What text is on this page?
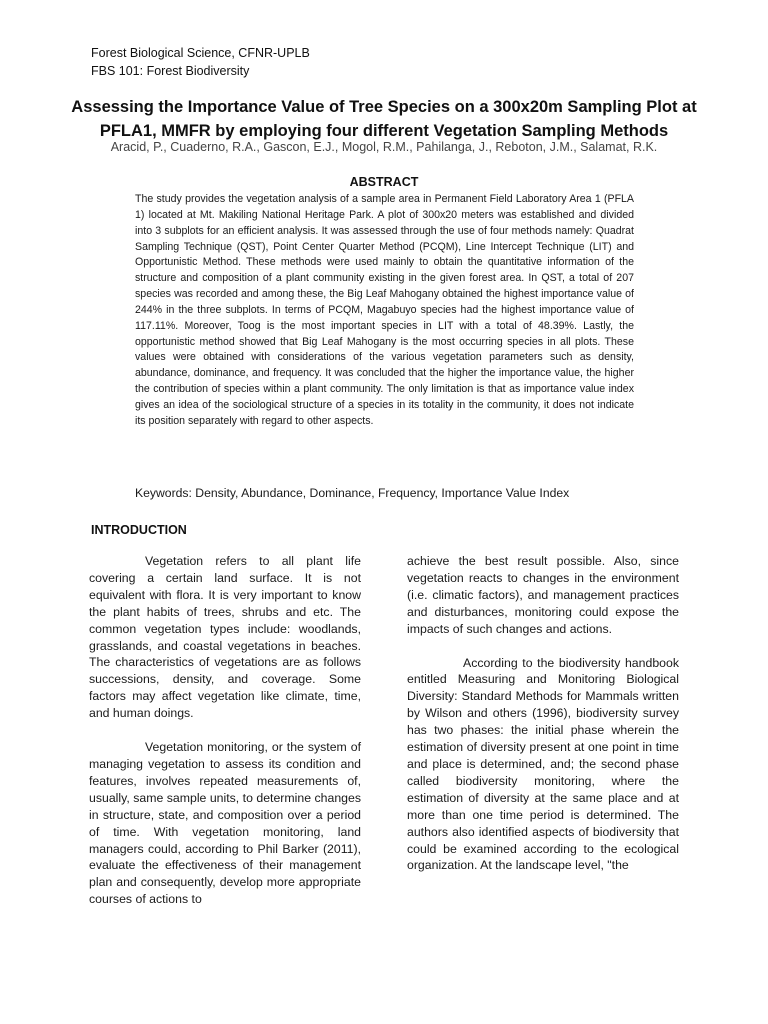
Forest Biological Science, CFNR-UPLB
FBS 101: Forest Biodiversity
Assessing the Importance Value of Tree Species on a 300x20m Sampling Plot at PFLA1, MMFR by employing four different Vegetation Sampling Methods
Aracid, P., Cuaderno, R.A., Gascon, E.J., Mogol, R.M., Pahilanga, J., Reboton, J.M., Salamat, R.K.
ABSTRACT
The study provides the vegetation analysis of a sample area in Permanent Field Laboratory Area 1 (PFLA 1) located at Mt. Makiling National Heritage Park. A plot of 300x20 meters was established and divided into 3 subplots for an efficient analysis. It was assessed through the use of four methods namely: Quadrat Sampling Technique (QST), Point Center Quarter Method (PCQM), Line Intercept Technique (LIT) and Opportunistic Method. These methods were used mainly to obtain the quantitative information of the structure and composition of a plant community existing in the given forest area. In QST, a total of 207 species was recorded and among these, the Big Leaf Mahogany obtained the highest importance value of 244% in the three subplots. In terms of PCQM, Magabuyo species had the highest importance value of 117.11%. Moreover, Toog is the most important species in LIT with a total of 48.39%. Lastly, the opportunistic method showed that Big Leaf Mahogany is the most occurring species in all plots. These values were obtained with considerations of the various vegetation parameters such as density, abundance, dominance, and frequency. It was concluded that the higher the importance value, the higher the contribution of species within a plant community. The only limitation is that as importance value index gives an idea of the sociological structure of a species in its totality in the community, it does not indicate its position separately with regard to other aspects.
Keywords: Density, Abundance, Dominance, Frequency, Importance Value Index
INTRODUCTION

Vegetation refers to all plant life covering a certain land surface. It is not equivalent with flora. It is very important to know the plant habits of trees, shrubs and etc. The common vegetation types include: woodlands, grasslands, and coastal vegetations in beaches. The characteristics of vegetations are as follows successions, density, and coverage. Some factors may affect vegetation like climate, time, and human doings.

Vegetation monitoring, or the system of managing vegetation to assess its condition and features, involves repeated measurements of, usually, same sample units, to determine changes in structure, state, and composition over a period of time. With vegetation monitoring, land managers could, according to Phil Barker (2011), evaluate the effectiveness of their management plan and consequently, develop more appropriate courses of actions to

achieve the best result possible. Also, since vegetation reacts to changes in the environment (i.e. climatic factors), and management practices and disturbances, monitoring could expose the impacts of such changes and actions.

According to the biodiversity handbook entitled Measuring and Monitoring Biological Diversity: Standard Methods for Mammals written by Wilson and others (1996), biodiversity survey has two phases: the initial phase wherein the estimation of diversity present at one point in time and place is determined, and; the second phase called biodiversity monitoring, where the estimation of diversity at the same place and at more than one time period is determined. The authors also identified aspects of biodiversity that could be examined according to the ecological organization. At the landscape level, "the
